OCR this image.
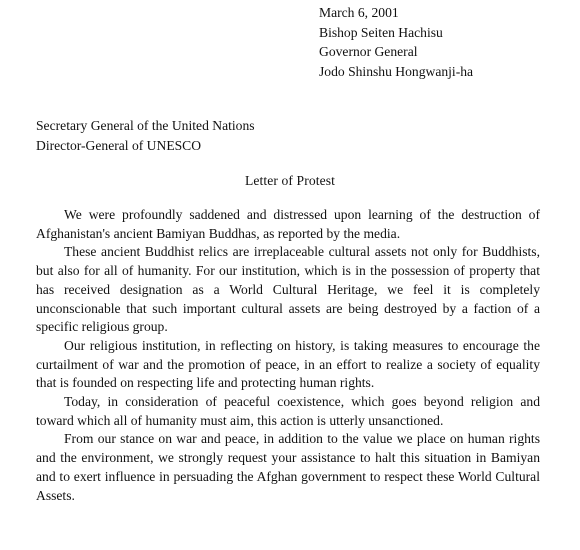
March 6, 2001
Bishop Seiten Hachisu
Governor General
Jodo Shinshu Hongwanji-ha
Secretary General of the United Nations
Director-General of UNESCO
Letter of Protest

We were profoundly saddened and distressed upon learning of the destruction of Afghanistan's ancient Bamiyan Buddhas, as reported by the media.

These ancient Buddhist relics are irreplaceable cultural assets not only for Buddhists, but also for all of humanity. For our institution, which is in the possession of property that has received designation as a World Cultural Heritage, we feel it is completely unconscionable that such important cultural assets are being destroyed by a faction of a specific religious group.

Our religious institution, in reflecting on history, is taking measures to encourage the curtailment of war and the promotion of peace, in an effort to realize a society of equality that is founded on respecting life and protecting human rights.

Today, in consideration of peaceful coexistence, which goes beyond religion and toward which all of humanity must aim, this action is utterly unsanctioned.

From our stance on war and peace, in addition to the value we place on human rights and the environment, we strongly request your assistance to halt this situation in Bamiyan and to exert influence in persuading the Afghan government to respect these World Cultural Assets.
